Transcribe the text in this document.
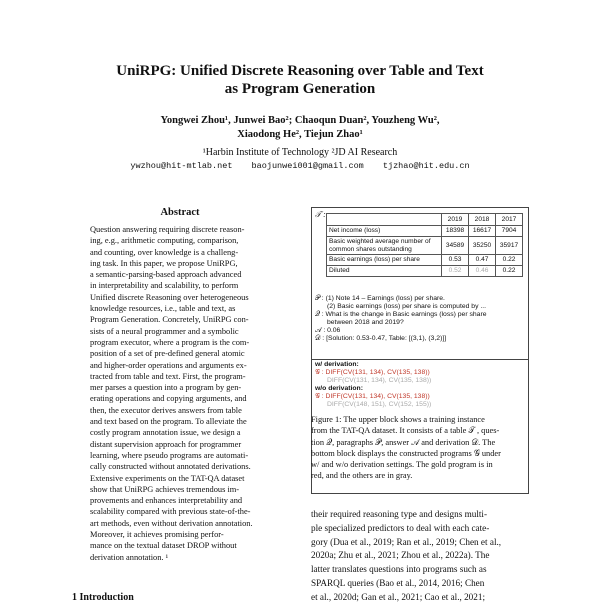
UniRPG: Unified Discrete Reasoning over Table and Text
as Program Generation
Yongwei Zhou¹, Junwei Bao²; Chaoqun Duan², Youzheng Wu²,
Xiaodong He², Tiejun Zhao¹
¹Harbin Institute of Technology ²JD AI Research
ywzhou@hit-mtlab.net baojunwei001@gmail.com tjzhao@hit.edu.cn
Abstract
Question answering requiring discrete reason-
ing, e.g., arithmetic computing, comparison,
and counting, over knowledge is a challeng-
ing task. In this paper, we propose UniRPG,
a semantic-parsing-based approach advanced
in interpretability and scalability, to perform
Unified discrete Reasoning over heterogeneous
knowledge resources, i.e., table and text, as
Program Generation. Concretely, UniRPG con-
sists of a neural programmer and a symbolic
program executor, where a program is the com-
position of a set of pre-defined general atomic
and higher-order operations and arguments ex-
tracted from table and text. First, the program-
mer parses a question into a program by gen-
erating operations and copying arguments, and
then, the executor derives answers from table
and text based on the program. To alleviate the
costly program annotation issue, we design a
distant supervision approach for programmer
learning, where pseudo programs are automati-
cally constructed without annotated derivations.
Extensive experiments on the TAT-QA dataset
show that UniRPG achieves tremendous im-
provements and enhances interpretability and
scalability compared with previous state-of-the-
art methods, even without derivation annotation.
Moreover, it achieves promising perfor-
mance on the textual dataset DROP without
derivation annotation. ¹
1 Introduction
𝒯 :
	2019	2018	2017
Net income (loss)	18398	16617	7904
Basic weighted average number of common shares outstanding	34589	35250	35917
Basic earnings (loss) per share	0.53	0.47	0.22
Diluted	0.52	0.46	0.22
𝒫 : (1) Note 14 – Earnings (loss) per share.
(2) Basic earnings (loss) per share is computed by ...
𝒬 : What is the change in Basic earnings (loss) per share
between 2018 and 2019?
𝒜 : 0.06
𝒟 : [Solution: 0.53-0.47, Table: [(3,1), (3,2)]]
w/ derivation:
𝒢 : DIFF(CV(131, 134), CV(135, 138))
DIFF(CV(131, 134), CV(135, 138))
w/o derivation:
𝒢 : DIFF(CV(131, 134), CV(135, 138))
DIFF(CV(148, 151), CV(152, 155))
Figure 1: The upper block shows a training instance
from the TAT-QA dataset. It consists of a table 𝒯 , ques-
tion 𝒬, paragraphs 𝒫, answer 𝒜 and derivation 𝒟. The
bottom block displays the constructed programs 𝒢 under
w/ and w/o derivation settings. The gold program is in
red, and the others are in gray.
their required reasoning type and designs multi-
ple specialized predictors to deal with each cate-
gory (Dua et al., 2019; Ran et al., 2019; Chen et al.,
2020a; Zhu et al., 2021; Zhou et al., 2022a). The
latter translates questions into programs such as
SPARQL queries (Bao et al., 2014, 2016; Chen
et al., 2020d; Gan et al., 2021; Cao et al., 2021;
